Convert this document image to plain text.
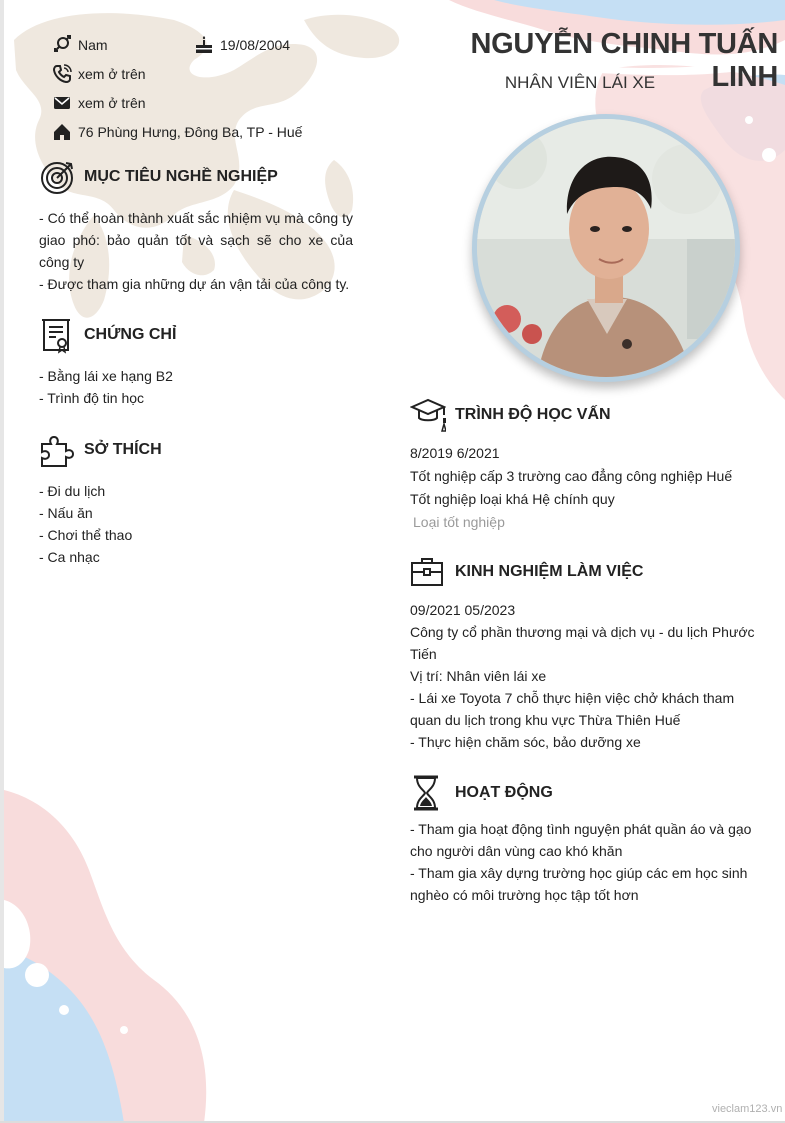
Nam	19/08/2004
xem ở trên
xem ở trên
76 Phùng Hưng, Đông Ba, TP - Huế
MỤC TIÊU NGHỀ NGHIỆP
- Có thể hoàn thành xuất sắc nhiệm vụ mà công ty giao phó: bảo quản tốt và sạch sẽ cho xe của công ty
- Được tham gia những dự án vận tải của công ty.
CHỨNG CHỈ
- Bằng lái xe hạng B2
- Trình độ tin học
SỞ THÍCH
- Đi du lịch
- Nấu ăn
- Chơi thể thao
- Ca nhạc
NGUYỄN CHINH TUẤN LINH
NHÂN VIÊN LÁI XE
TRÌNH ĐỘ HỌC VẤN
8/2019 6/2021
Tốt nghiệp cấp 3 trường cao đẳng công nghiệp Huế
Tốt nghiệp loại khá Hệ chính quy
Loại tốt nghiệp
KINH NGHIỆM LÀM VIỆC
09/2021 05/2023
Công ty cổ phần thương mại và dịch vụ - du lịch Phước Tiến
Vị trí: Nhân viên lái xe
- Lái xe Toyota 7 chỗ thực hiện việc chở khách tham quan du lịch trong khu vực Thừa Thiên Huế
- Thực hiện chăm sóc, bảo dưỡng xe
HOẠT ĐỘNG
- Tham gia hoạt động tình nguyện phát quần áo và gạo cho người dân vùng cao khó khăn
- Tham gia xây dựng trường học giúp các em học sinh nghèo có môi trường học tập tốt hơn
vieclam123.vn
